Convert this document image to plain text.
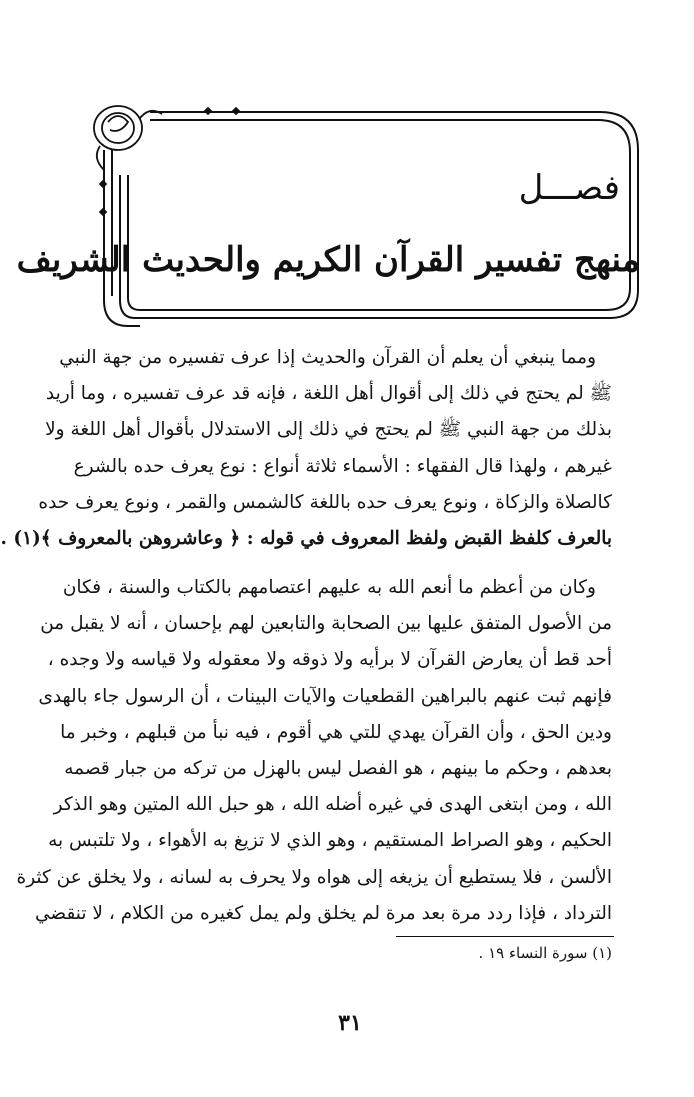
فصـــل
منهج تفسير القرآن الكريم والحديث الشريف
ومما ينبغي أن يعلم أن القرآن والحديث إذا عرف تفسيره من جهة النبي
ﷺ لم يحتج في ذلك إلى أقوال أهل اللغة ، فإنه قد عرف تفسيره ، وما أريد
بذلك من جهة النبي ﷺ لم يحتج في ذلك إلى الاستدلال بأقوال أهل اللغة ولا
غيرهم ، ولهذا قال الفقهاء : الأسماء ثلاثة أنواع : نوع يعرف حده بالشرع
كالصلاة والزكاة ، ونوع يعرف حده باللغة كالشمس والقمر ، ونوع يعرف حده
بالعرف كلفظ القبض ولفظ المعروف في قوله : ﴿ وعاشروهن بالمعروف ﴾(١) .
وكان من أعظم ما أنعم الله به عليهم اعتصامهم بالكتاب والسنة ، فكان
من الأصول المتفق عليها بين الصحابة والتابعين لهم بإحسان ، أنه لا يقبل من
أحد قط أن يعارض القرآن لا برأيه ولا ذوقه ولا معقوله ولا قياسه ولا وجده ،
فإنهم ثبت عنهم بالبراهين القطعيات والآيات البينات ، أن الرسول جاء بالهدى
ودين الحق ، وأن القرآن يهدي للتي هي أقوم ، فيه نبأ من قبلهم ، وخبر ما
بعدهم ، وحكم ما بينهم ، هو الفصل ليس بالهزل من تركه من جبار قصمه
الله ، ومن ابتغى الهدى في غيره أضله الله ، هو حبل الله المتين وهو الذكر
الحكيم ، وهو الصراط المستقيم ، وهو الذي لا تزيغ به الأهواء ، ولا تلتبس به
الألسن ، فلا يستطيع أن يزيغه إلى هواه ولا يحرف به لسانه ، ولا يخلق عن كثرة
الترداد ، فإذا ردد مرة بعد مرة لم يخلق ولم يمل كغيره من الكلام ، لا تنقضي
(١) سورة النساء ١٩ .
٣١
